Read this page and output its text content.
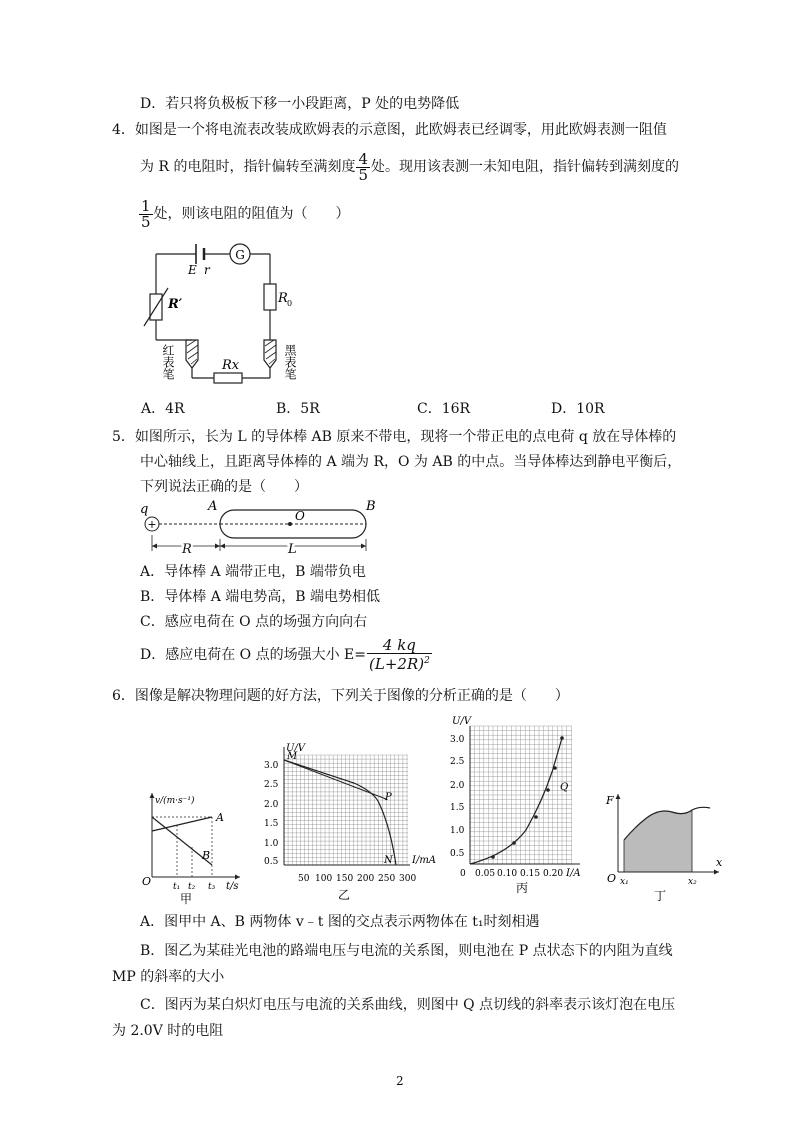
D．若只将负极板下移一小段距离，P 处的电势降低
4．如图是一个将电流表改装成欧姆表的示意图，此欧姆表已经调零，用此欧姆表测一阻值
为 R 的电阻时，指针偏转至满刻度 $\frac{4}{5}$ 处。现用该表测一未知电阻，指针偏转到满刻度的
$\frac{1}{5}$ 处，则该电阻的阻值为（　　）
G
E r
R′	R 0
Rx
红表笔	黑表笔
A．4R	B．5R	C．16R	D．10R
5．如图所示，长为 L 的导体棒 AB 原来不带电，现将一个带正电的点电荷 q 放在导体棒的
中心轴线上，且距离导体棒的 A 端为 R，O 为 AB 的中点。当导体棒达到静电平衡后，
下列说法正确的是（　　）
q
+
O
A	B
R	L
A．导体棒 A 端带正电，B 端带负电
B．导体棒 A 端电势高，B 端电势相低
C．感应电荷在 O 点的场强方向向右
D．感应电荷在 O 点的场强大小 $E= \frac{4 kq}{(L+2R)^2}$
6．图像是解决物理问题的好方法，下列关于图像的分析正确的是（　　）
v/(m·s⁻¹)
A
B
O t₁ t₂ t₃ t/s
甲
U/V
3.0
2.5
2.0
1.5
1.0
0.5
50 100 150 200 250 300
I/mA
M
P
N
乙
U/V
3.0
2.5
2.0
1.5
1.0
0.5
0 0.05 0.10 0.15 0.20 I/A
Q
丙
F
O x₁	x₂
x
丁
A．图甲中 A、B 两物体 v﹣t 图的交点表示两物体在 t₁时刻相遇
B．图乙为某硅光电池的路端电压与电流的关系图，则电池在 P 点状态下的内阻为直线
MP 的斜率的大小
C．图丙为某白炽灯电压与电流的关系曲线，则图中 Q 点切线的斜率表示该灯泡在电压
为 2.0V 时的电阻
2
